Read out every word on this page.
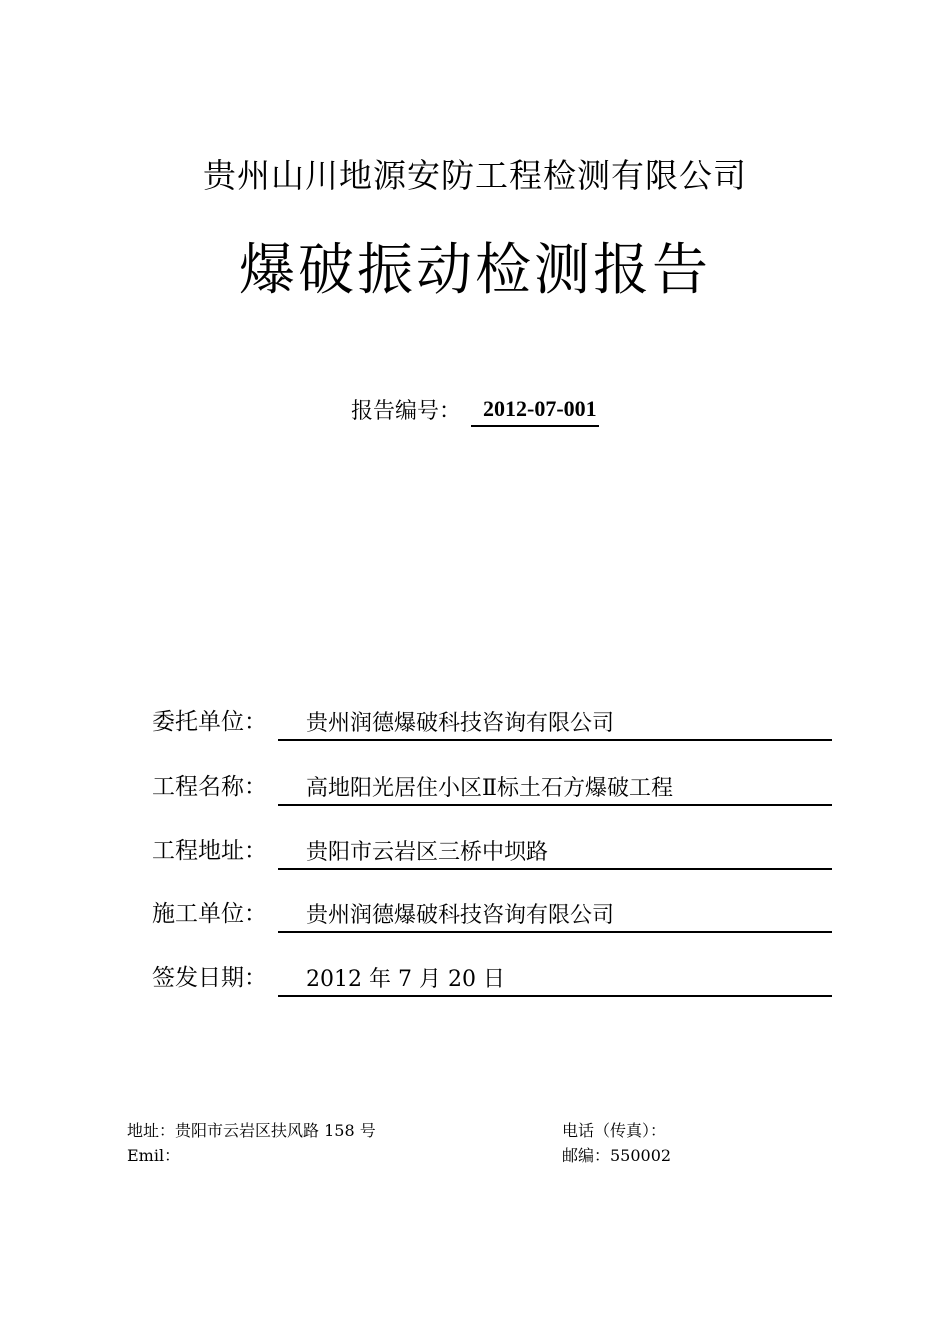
贵州山川地源安防工程检测有限公司
爆破振动检测报告
报告编号：	2012-07-001
委托单位：	贵州润德爆破科技咨询有限公司
工程名称：	高地阳光居住小区Ⅱ标土石方爆破工程
工程地址：	贵阳市云岩区三桥中坝路
施工单位：	贵州润德爆破科技咨询有限公司
签发日期：	2012 年 7 月 20 日
地址：贵阳市云岩区扶风路 158 号
Emil：
电话（传真）：
邮编：550002
